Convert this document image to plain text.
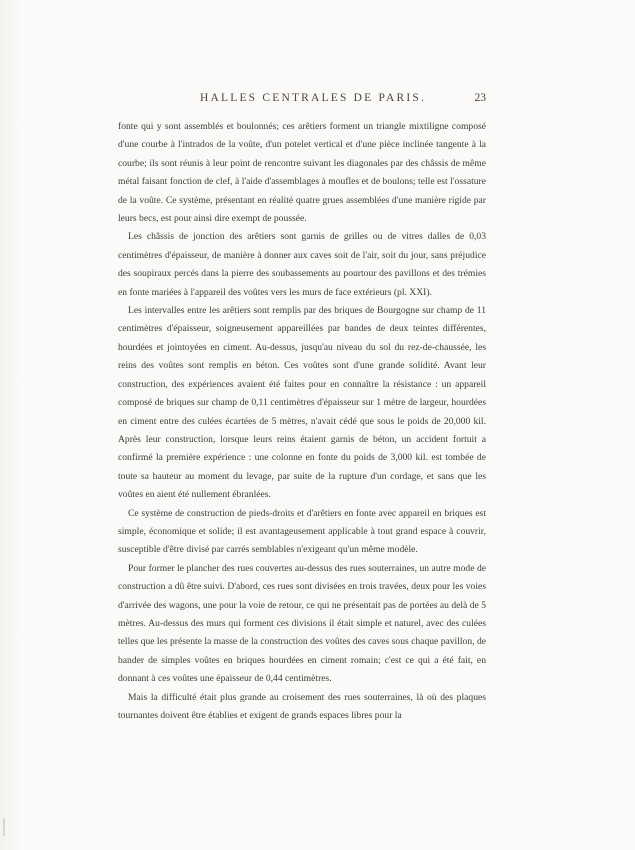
HALLES CENTRALES DE PARIS.	23

fonte qui y sont assemblés et boulonnés; ces arêtiers forment un triangle mixtiligne composé d'une courbe à l'intrados de la voûte, d'un potelet vertical et d'une pièce inclinée tangente à la courbe; ils sont réunis à leur point de rencontre suivant les diagonales par des châssis de même métal faisant fonction de clef, à l'aide d'assemblages à moufles et de boulons; telle est l'ossature de la voûte. Ce système, présentant en réalité quatre grues assemblées d'une manière rigide par leurs becs, est pour ainsi dire exempt de poussée.

Les châssis de jonction des arêtiers sont garnis de grilles ou de vitres dalles de 0,03 centimètres d'épaisseur, de manière à donner aux caves soit de l'air, soit du jour, sans préjudice des soupiraux percés dans la pierre des soubassements au pourtour des pavillons et des trémies en fonte mariées à l'appareil des voûtes vers les murs de face extérieurs (pl. XXI).

Les intervalles entre les arêtiers sont remplis par des briques de Bourgogne sur champ de 11 centimètres d'épaisseur, soigneusement appareillées par bandes de deux teintes différentes, hourdées et jointoyées en ciment. Au-dessus, jusqu'au niveau du sol du rez-de-chaussée, les reins des voûtes sont remplis en béton. Ces voûtes sont d'une grande solidité. Avant leur construction, des expériences avaient été faites pour en connaître la résistance : un appareil composé de briques sur champ de 0,11 centimètres d'épaisseur sur 1 mètre de largeur, hourdées en ciment entre des culées écartées de 5 mètres, n'avait cédé que sous le poids de 20,000 kil. Après leur construction, lorsque leurs reins étaient garnis de béton, un accident fortuit a confirmé la première expérience : une colonne en fonte du poids de 3,000 kil. est tombée de toute sa hauteur au moment du levage, par suite de la rupture d'un cordage, et sans que les voûtes en aient été nullement ébranlées.

Ce système de construction de pieds-droits et d'arêtiers en fonte avec appareil en briques est simple, économique et solide; il est avantageusement applicable à tout grand espace à couvrir, susceptible d'être divisé par carrés semblables n'exigeant qu'un même modèle.

Pour former le plancher des rues couvertes au-dessus des rues souterraines, un autre mode de construction a dû être suivi. D'abord, ces rues sont divisées en trois travées, deux pour les voies d'arrivée des wagons, une pour la voie de retour, ce qui ne présentait pas de portées au delà de 5 mètres. Au-dessus des murs qui forment ces divisions il était simple et naturel, avec des culées telles que les présente la masse de la construction des voûtes des caves sous chaque pavillon, de bander de simples voûtes en briques hourdées en ciment romain; c'est ce qui a été fait, en donnant à ces voûtes une épaisseur de 0,44 centimètres.

Mais la difficulté était plus grande au croisement des rues souterraines, là où des plaques tournantes doivent être établies et exigent de grands espaces libres pour la
